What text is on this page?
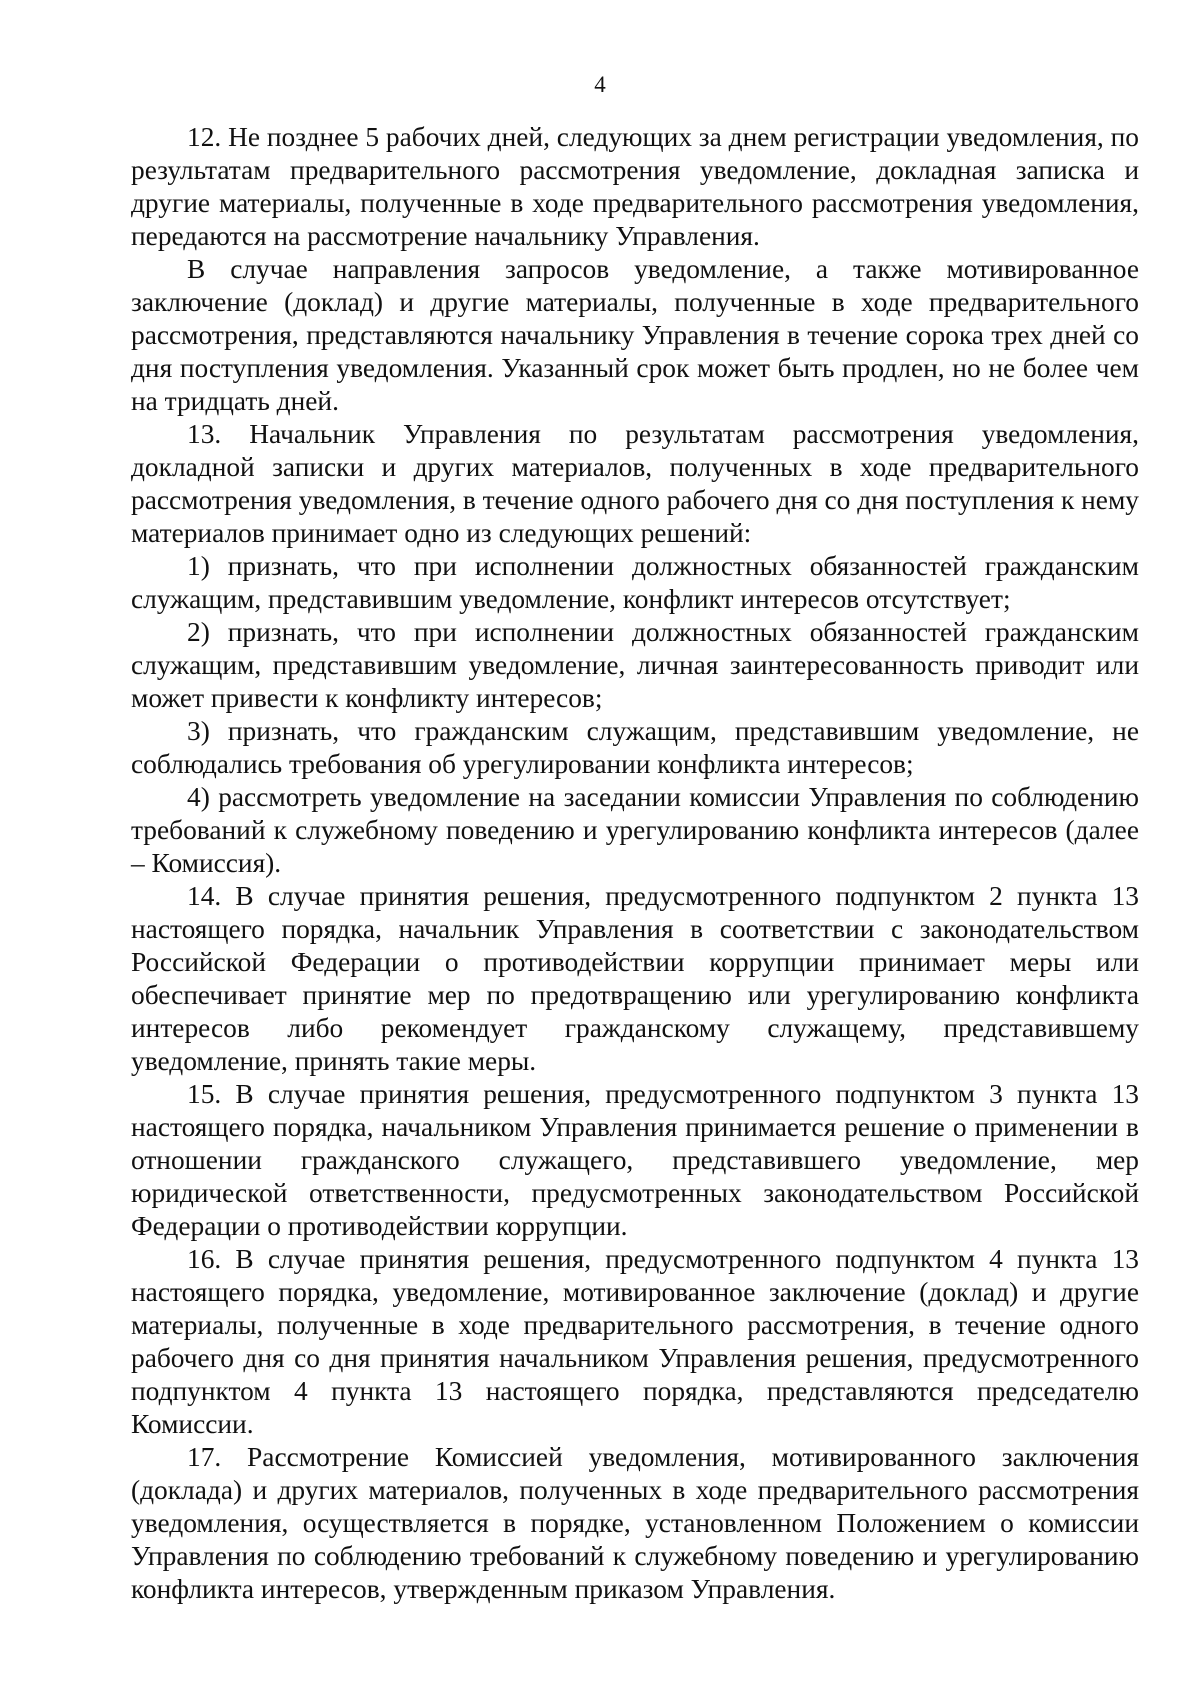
4

12. Не позднее 5 рабочих дней, следующих за днем регистрации уведомления, по результатам предварительного рассмотрения уведомление, докладная записка и другие материалы, полученные в ходе предварительного рассмотрения уведомления, передаются на рассмотрение начальнику Управления.

В случае направления запросов уведомление, а также мотивированное заключение (доклад) и другие материалы, полученные в ходе предварительного рассмотрения, представляются начальнику Управления в течение сорока трех дней со дня поступления уведомления. Указанный срок может быть продлен, но не более чем на тридцать дней.

13. Начальник Управления по результатам рассмотрения уведомления, докладной записки и других материалов, полученных в ходе предварительного рассмотрения уведомления, в течение одного рабочего дня со дня поступления к нему материалов принимает одно из следующих решений:

1) признать, что при исполнении должностных обязанностей гражданским служащим, представившим уведомление, конфликт интересов отсутствует;

2) признать, что при исполнении должностных обязанностей гражданским служащим, представившим уведомление, личная заинтересованность приводит или может привести к конфликту интересов;

3) признать, что гражданским служащим, представившим уведомление, не соблюдались требования об урегулировании конфликта интересов;

4) рассмотреть уведомление на заседании комиссии Управления по соблюдению требований к служебному поведению и урегулированию конфликта интересов (далее – Комиссия).

14. В случае принятия решения, предусмотренного подпунктом 2 пункта 13 настоящего порядка, начальник Управления в соответствии с законодательством Российской Федерации о противодействии коррупции принимает меры или обеспечивает принятие мер по предотвращению или урегулированию конфликта интересов либо рекомендует гражданскому служащему, представившему уведомление, принять такие меры.

15. В случае принятия решения, предусмотренного подпунктом 3 пункта 13 настоящего порядка, начальником Управления принимается решение о применении в отношении гражданского служащего, представившего уведомление, мер юридической ответственности, предусмотренных законодательством Российской Федерации о противодействии коррупции.

16. В случае принятия решения, предусмотренного подпунктом 4 пункта 13 настоящего порядка, уведомление, мотивированное заключение (доклад) и другие материалы, полученные в ходе предварительного рассмотрения, в течение одного рабочего дня со дня принятия начальником Управления решения, предусмотренного подпунктом 4 пункта 13 настоящего порядка, представляются председателю Комиссии.

17. Рассмотрение Комиссией уведомления, мотивированного заключения (доклада) и других материалов, полученных в ходе предварительного рассмотрения уведомления, осуществляется в порядке, установленном Положением о комиссии Управления по соблюдению требований к служебному поведению и урегулированию конфликта интересов, утвержденным приказом Управления.
